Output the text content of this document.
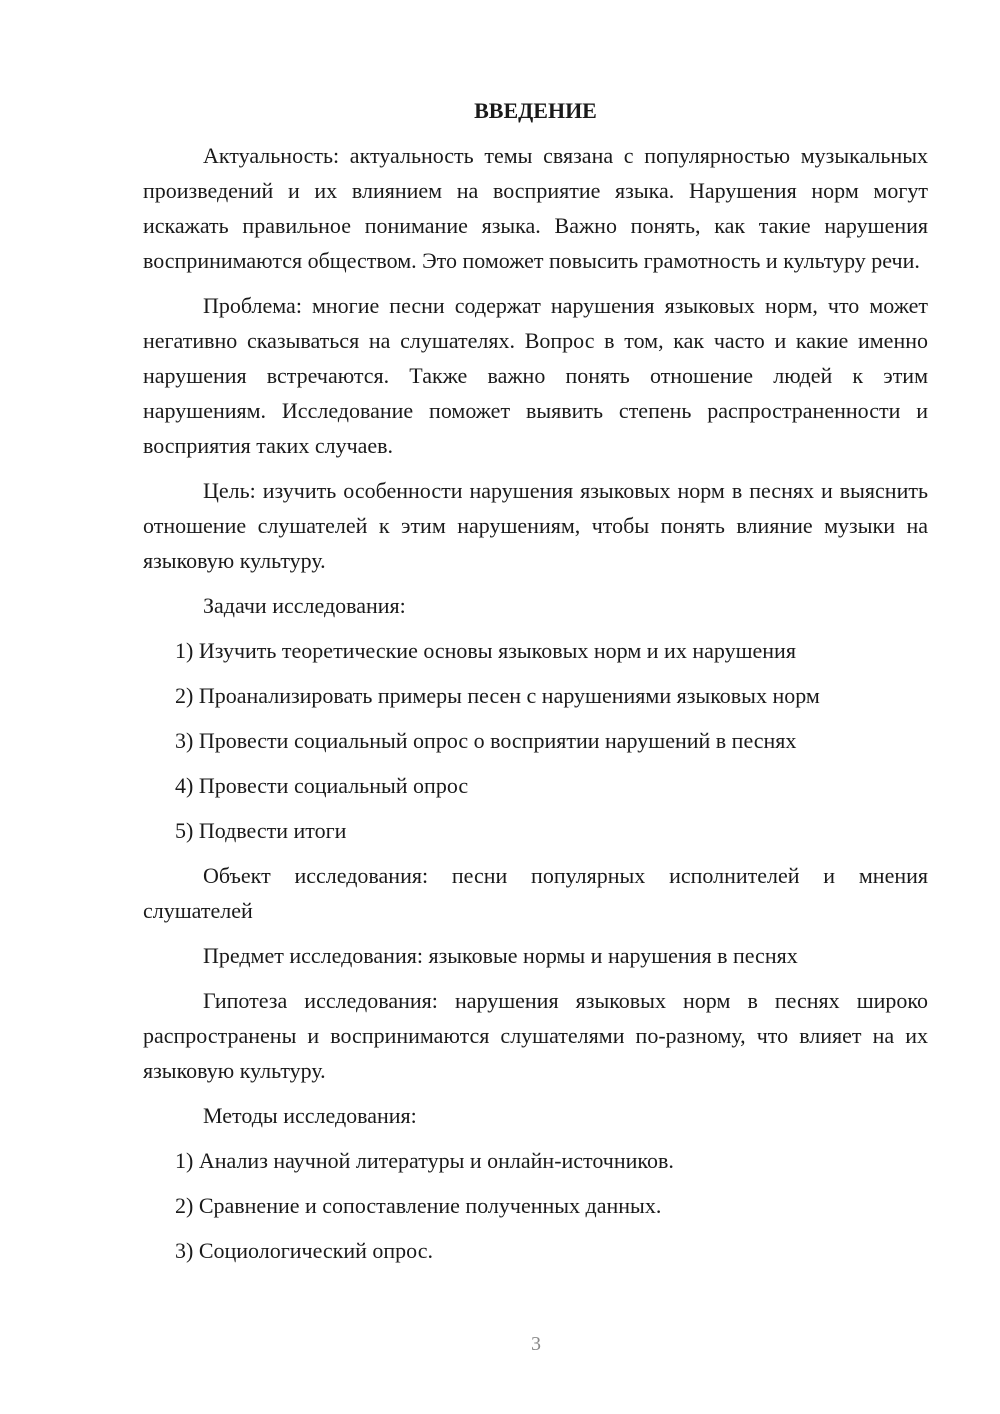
ВВЕДЕНИЕ

Актуальность: актуальность темы связана с популярностью музыкальных произведений и их влиянием на восприятие языка. Нарушения норм могут искажать правильное понимание языка. Важно понять, как такие нарушения воспринимаются обществом. Это поможет повысить грамотность и культуру речи.

Проблема: многие песни содержат нарушения языковых норм, что может негативно сказываться на слушателях. Вопрос в том, как часто и какие именно нарушения встречаются. Также важно понять отношение людей к этим нарушениям. Исследование поможет выявить степень распространенности и восприятия таких случаев.

Цель: изучить особенности нарушения языковых норм в песнях и выяснить отношение слушателей к этим нарушениям, чтобы понять влияние музыки на языковую культуру.

Задачи исследования:

1) Изучить теоретические основы языковых норм и их нарушения

2) Проанализировать примеры песен с нарушениями языковых норм

3) Провести социальный опрос о восприятии нарушений в песнях

4) Провести социальный опрос

5) Подвести итоги

Объект исследования: песни популярных исполнителей и мнения слушателей

Предмет исследования: языковые нормы и нарушения в песнях

Гипотеза исследования: нарушения языковых норм в песнях широко распространены и воспринимаются слушателями по-разному, что влияет на их языковую культуру.

Методы исследования:

1) Анализ научной литературы и онлайн-источников.

2) Сравнение и сопоставление полученных данных.

3) Социологический опрос.

3
